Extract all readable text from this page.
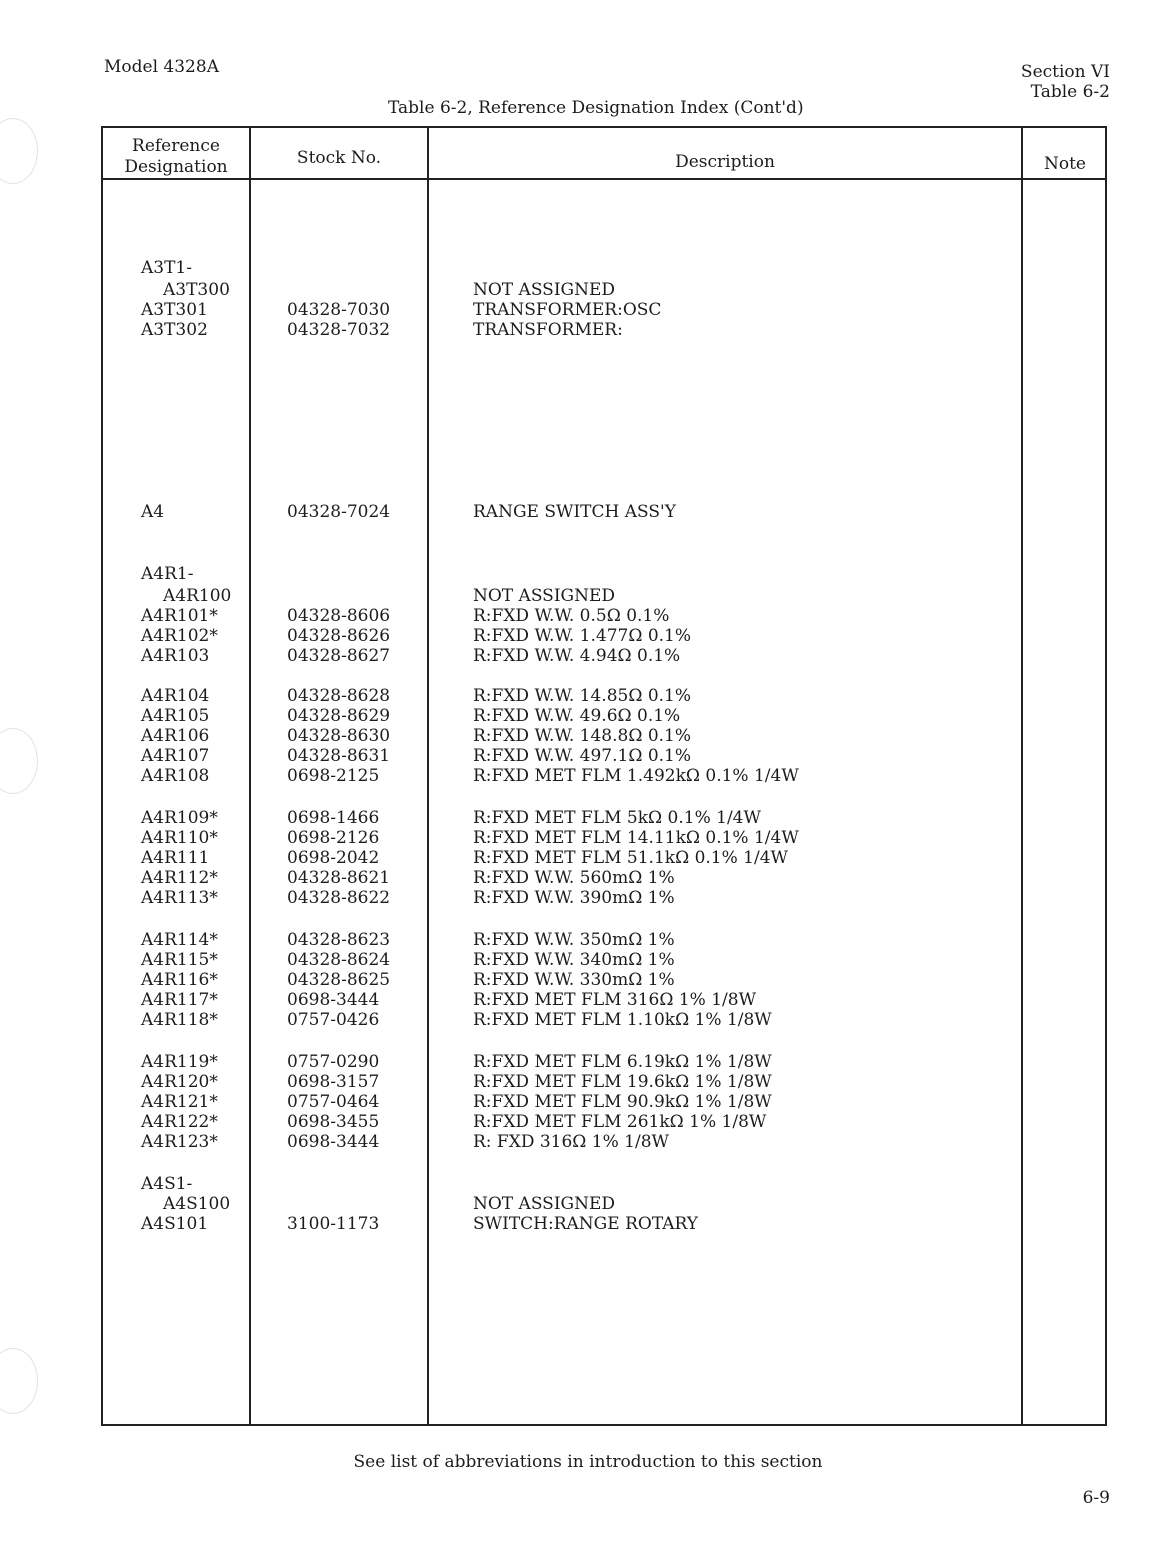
Model 4328A	Section VI
Table 6-2
Table 6-2, Reference Designation Index (Cont'd)
Reference
Designation	Stock No.	Description	Note
A3T1-
A3T300	NOT ASSIGNED
A3T301	04328-7030	TRANSFORMER:OSC
A3T302	04328-7032	TRANSFORMER:
A4	04328-7024	RANGE SWITCH ASS'Y
A4R1-
A4R100	NOT ASSIGNED
A4R101*	04328-8606	R:FXD W.W. 0.5Ω 0.1%
A4R102*	04328-8626	R:FXD W.W. 1.477Ω 0.1%
A4R103	04328-8627	R:FXD W.W. 4.94Ω 0.1%
A4R104	04328-8628	R:FXD W.W. 14.85Ω 0.1%
A4R105	04328-8629	R:FXD W.W. 49.6Ω 0.1%
A4R106	04328-8630	R:FXD W.W. 148.8Ω 0.1%
A4R107	04328-8631	R:FXD W.W. 497.1Ω 0.1%
A4R108	0698-2125	R:FXD MET FLM 1.492kΩ 0.1% 1/4W
A4R109*	0698-1466	R:FXD MET FLM 5kΩ 0.1% 1/4W
A4R110*	0698-2126	R:FXD MET FLM 14.11kΩ 0.1% 1/4W
A4R111	0698-2042	R:FXD MET FLM 51.1kΩ 0.1% 1/4W
A4R112*	04328-8621	R:FXD W.W. 560mΩ 1%
A4R113*	04328-8622	R:FXD W.W. 390mΩ 1%
A4R114*	04328-8623	R:FXD W.W. 350mΩ 1%
A4R115*	04328-8624	R:FXD W.W. 340mΩ 1%
A4R116*	04328-8625	R:FXD W.W. 330mΩ 1%
A4R117*	0698-3444	R:FXD MET FLM 316Ω 1% 1/8W
A4R118*	0757-0426	R:FXD MET FLM 1.10kΩ 1% 1/8W
A4R119*	0757-0290	R:FXD MET FLM 6.19kΩ 1% 1/8W
A4R120*	0698-3157	R:FXD MET FLM 19.6kΩ 1% 1/8W
A4R121*	0757-0464	R:FXD MET FLM 90.9kΩ 1% 1/8W
A4R122*	0698-3455	R:FXD MET FLM 261kΩ 1% 1/8W
A4R123*	0698-3444	R: FXD 316Ω 1% 1/8W
A4S1-
A4S100	NOT ASSIGNED
A4S101	3100-1173	SWITCH:RANGE ROTARY
See list of abbreviations in introduction to this section
6-9
